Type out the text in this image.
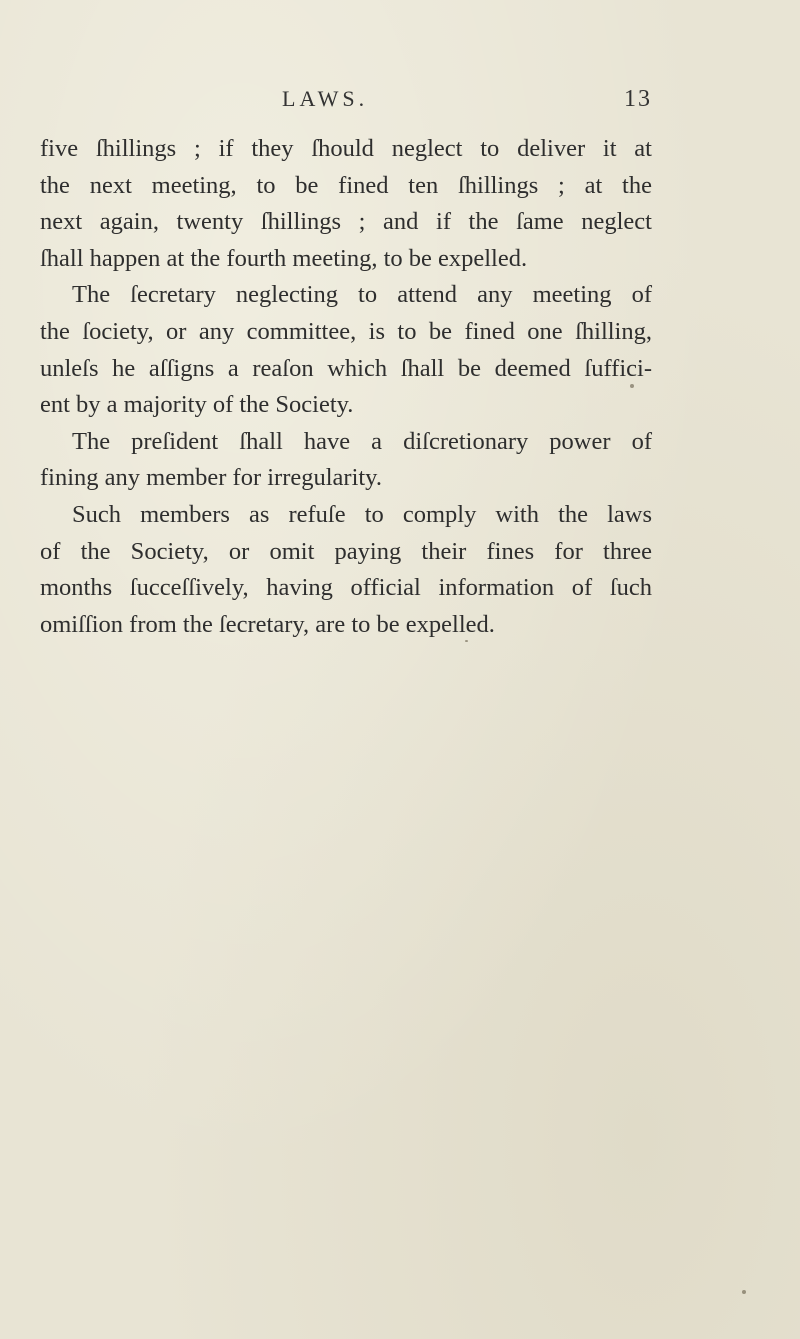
LAWS.	13
five ſhillings ; if they ſhould neglect to deliver it at
the next meeting, to be fined ten ſhillings ; at the
next again, twenty ſhillings ; and if the ſame neglect
ſhall happen at the fourth meeting, to be expelled.
The ſecretary neglecting to attend any meeting of
the ſociety, or any committee, is to be fined one ſhilling,
unleſs he aſſigns a reaſon which ſhall be deemed ſuffici-
ent by a majority of the Society.
The preſident ſhall have a diſcretionary power of
fining any member for irregularity.
Such members as refuſe to comply with the laws
of the Society, or omit paying their fines for three
months ſucceſſively, having official information of ſuch
omiſſion from the ſecretary, are to be expelled.
